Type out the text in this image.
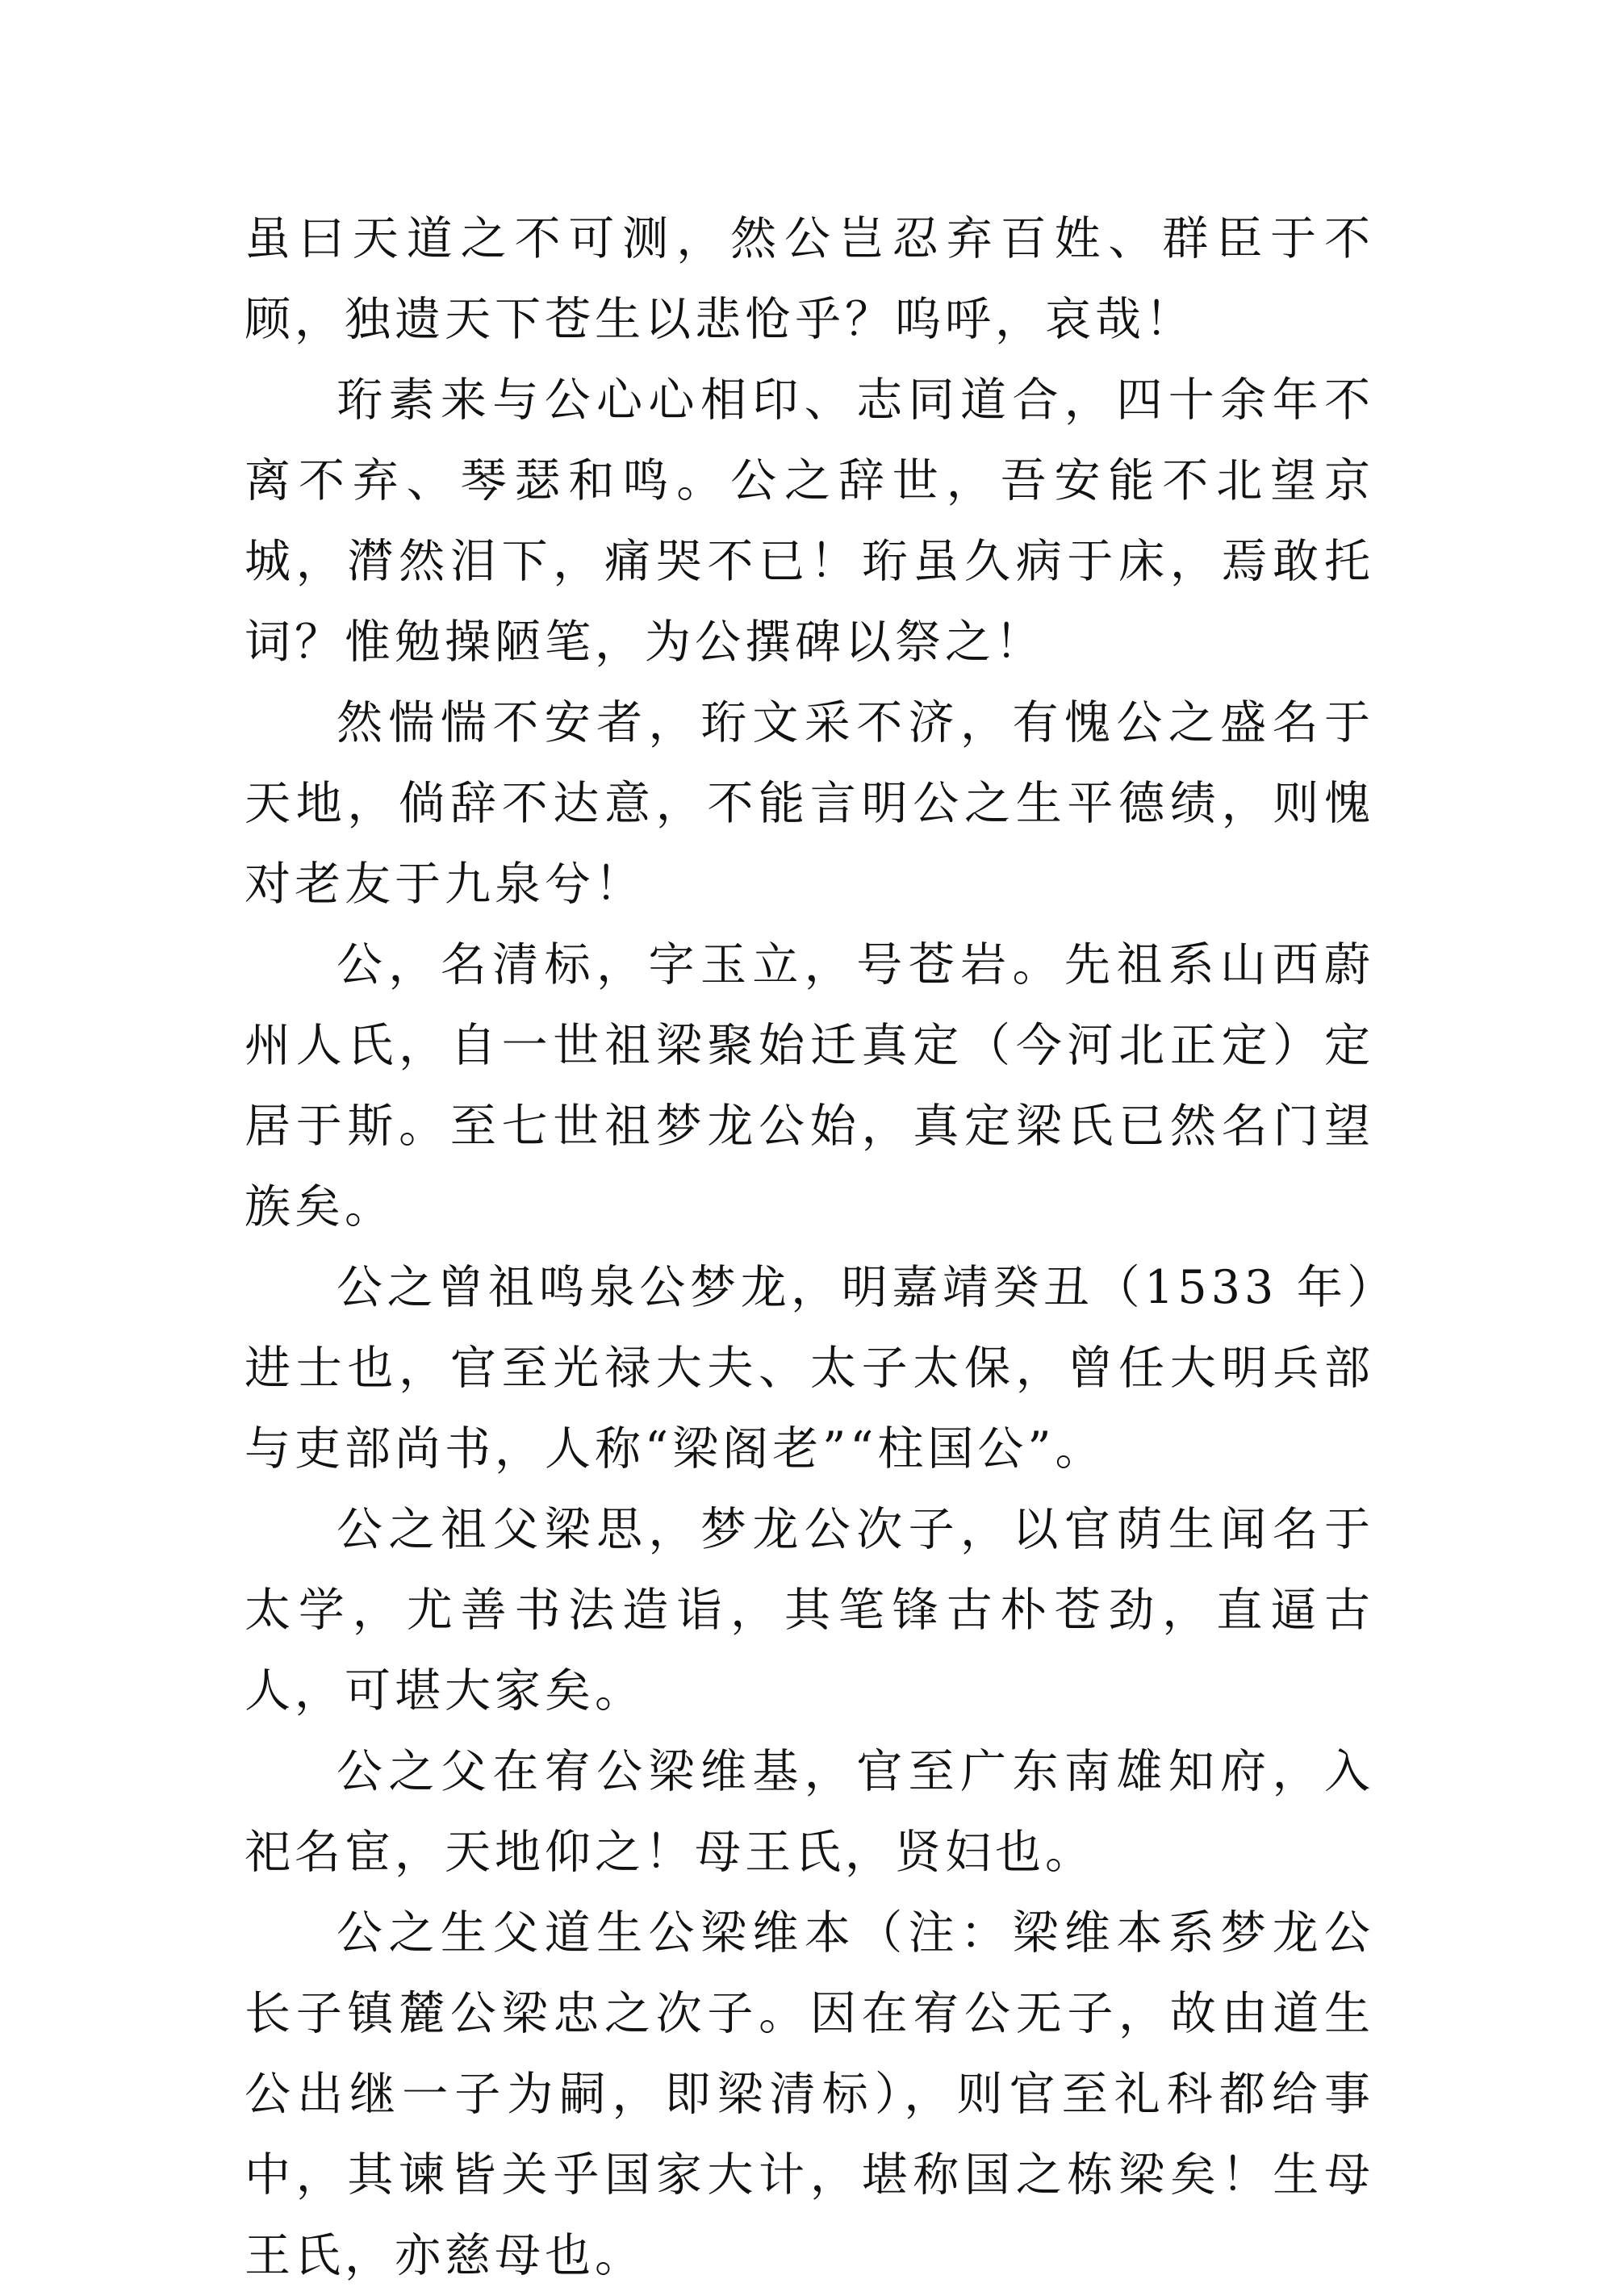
虽曰天道之不可测，然公岂忍弃百姓、群臣于不顾，独遗天下苍生以悲怆乎？呜呼，哀哉！

珩素来与公心心相印、志同道合，四十余年不离不弃、琴瑟和鸣。公之辞世，吾安能不北望京城，潸然泪下，痛哭不已！珩虽久病于床，焉敢托词？惟勉操陋笔，为公撰碑以祭之！

然惴惴不安者，珩文采不济，有愧公之盛名于天地，倘辞不达意，不能言明公之生平德绩，则愧对老友于九泉兮！

公，名清标，字玉立，号苍岩。先祖系山西蔚州人氏，自一世祖梁聚始迁真定（今河北正定）定居于斯。至七世祖梦龙公始，真定梁氏已然名门望族矣。

公之曾祖鸣泉公梦龙，明嘉靖癸丑（1533 年）进士也，官至光禄大夫、太子太保，曾任大明兵部与吏部尚书，人称“梁阁老”“柱国公”。

公之祖父梁思，梦龙公次子，以官荫生闻名于太学，尤善书法造诣，其笔锋古朴苍劲，直逼古人，可堪大家矣。

公之父在宥公梁维基，官至广东南雄知府，入祀名宦，天地仰之！母王氏，贤妇也。

公之生父道生公梁维本（注：梁维本系梦龙公长子镇麓公梁忠之次子。因在宥公无子，故由道生公出继一子为嗣，即梁清标），则官至礼科都给事中，其谏皆关乎国家大计，堪称国之栋梁矣！生母王氏，亦慈母也。
